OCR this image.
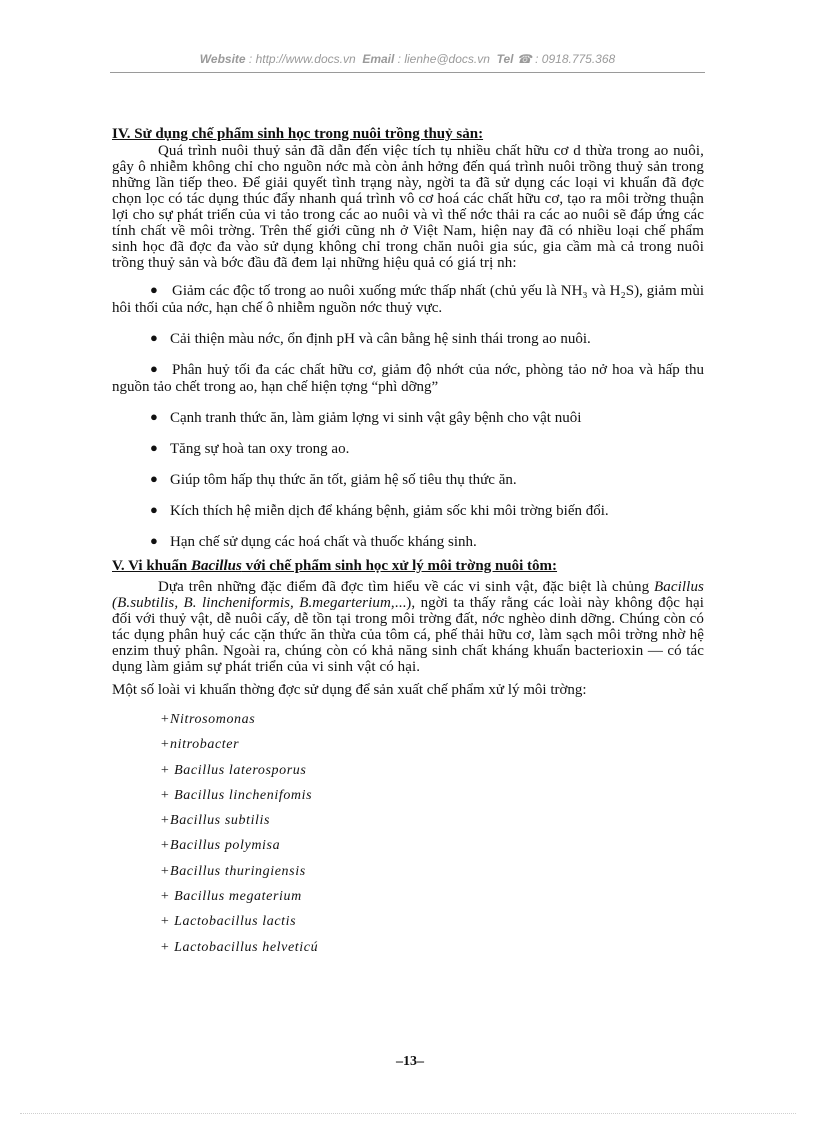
Website : http://www.docs.vn Email : lienhe@docs.vn Tel ☎ : 0918.775.368
IV. Sử dụng chế phẩm sinh học trong nuôi trồng thuỷ sản:

Quá trình nuôi thuỷ sản đã dẫn đến việc tích tụ nhiều chất hữu cơ d thừa trong ao nuôi, gây ô nhiễm không chỉ cho nguồn nớc mà còn ảnh hởng đến quá trình nuôi trồng thuỷ sản trong những lần tiếp theo. Để giải quyết tình trạng này, ngời ta đã sử dụng các loại vi khuẩn đã đợc chọn lọc có tác dụng thúc đẩy nhanh quá trình vô cơ hoá các chất hữu cơ, tạo ra môi trờng thuận lợi cho sự phát triển của vi tảo trong các ao nuôi và vì thế nớc thải ra các ao nuôi sẽ đáp ứng các tính chất về môi trờng. Trên thế giới cũng nh ở Việt Nam, hiện nay đã có nhiều loại chế phẩm sinh học đã đợc đa vào sử dụng không chỉ trong chăn nuôi gia súc, gia cầm mà cả trong nuôi trồng thuỷ sản và bớc đầu đã đem lại những hiệu quả có giá trị nh:

● Giảm các độc tố trong ao nuôi xuống mức thấp nhất (chủ yếu là NH₃ và H₂S), giảm mùi hôi thối của nớc, hạn chế ô nhiễm nguồn nớc thuỷ vực.
● Cải thiện màu nớc, ổn định pH và cân bằng hệ sinh thái trong ao nuôi.
● Phân huỷ tối đa các chất hữu cơ, giảm độ nhớt của nớc, phòng tảo nở hoa và hấp thu nguồn tảo chết trong ao, hạn chế hiện tợng “phì dỡng”
● Cạnh tranh thức ăn, làm giảm lợng vi sinh vật gây bệnh cho vật nuôi
● Tăng sự hoà tan oxy trong ao.
● Giúp tôm hấp thụ thức ăn tốt, giảm hệ số tiêu thụ thức ăn.
● Kích thích hệ miễn dịch để kháng bệnh, giảm sốc khi môi trờng biến đổi.
● Hạn chế sử dụng các hoá chất và thuốc kháng sinh.
V. Vi khuẩn Bacillus với chế phẩm sinh học xử lý môi trờng nuôi tôm:

Dựa trên những đặc điểm đã đợc tìm hiểu về các vi sinh vật, đặc biệt là chủng Bacillus (B.subtilis, B. lincheniformis, B.megarterium,...), ngời ta thấy rằng các loài này không độc hại đối với thuỷ vật, dễ nuôi cấy, dễ tồn tại trong môi trờng đất, nớc nghèo dinh dỡng. Chúng còn có tác dụng phân huỷ các cặn thức ăn thừa của tôm cá, phế thải hữu cơ, làm sạch môi trờng nhờ hệ enzim thuỷ phân. Ngoài ra, chúng còn có khả năng sinh chất kháng khuẩn bacterioxin — có tác dụng làm giảm sự phát triển của vi sinh vật có hại.

Một số loài vi khuẩn thờng đợc sử dụng để sản xuất chế phẩm xử lý môi trờng:

+Nitrosomonas
+nitrobacter
+ Bacillus laterosporus
+ Bacillus linchenifomis
+Bacillus subtilis
+Bacillus polymisa
+Bacillus thuringiensis
+ Bacillus megaterium
+ Lactobacillus lactis
+ Lactobacillus helveticú
–13–
